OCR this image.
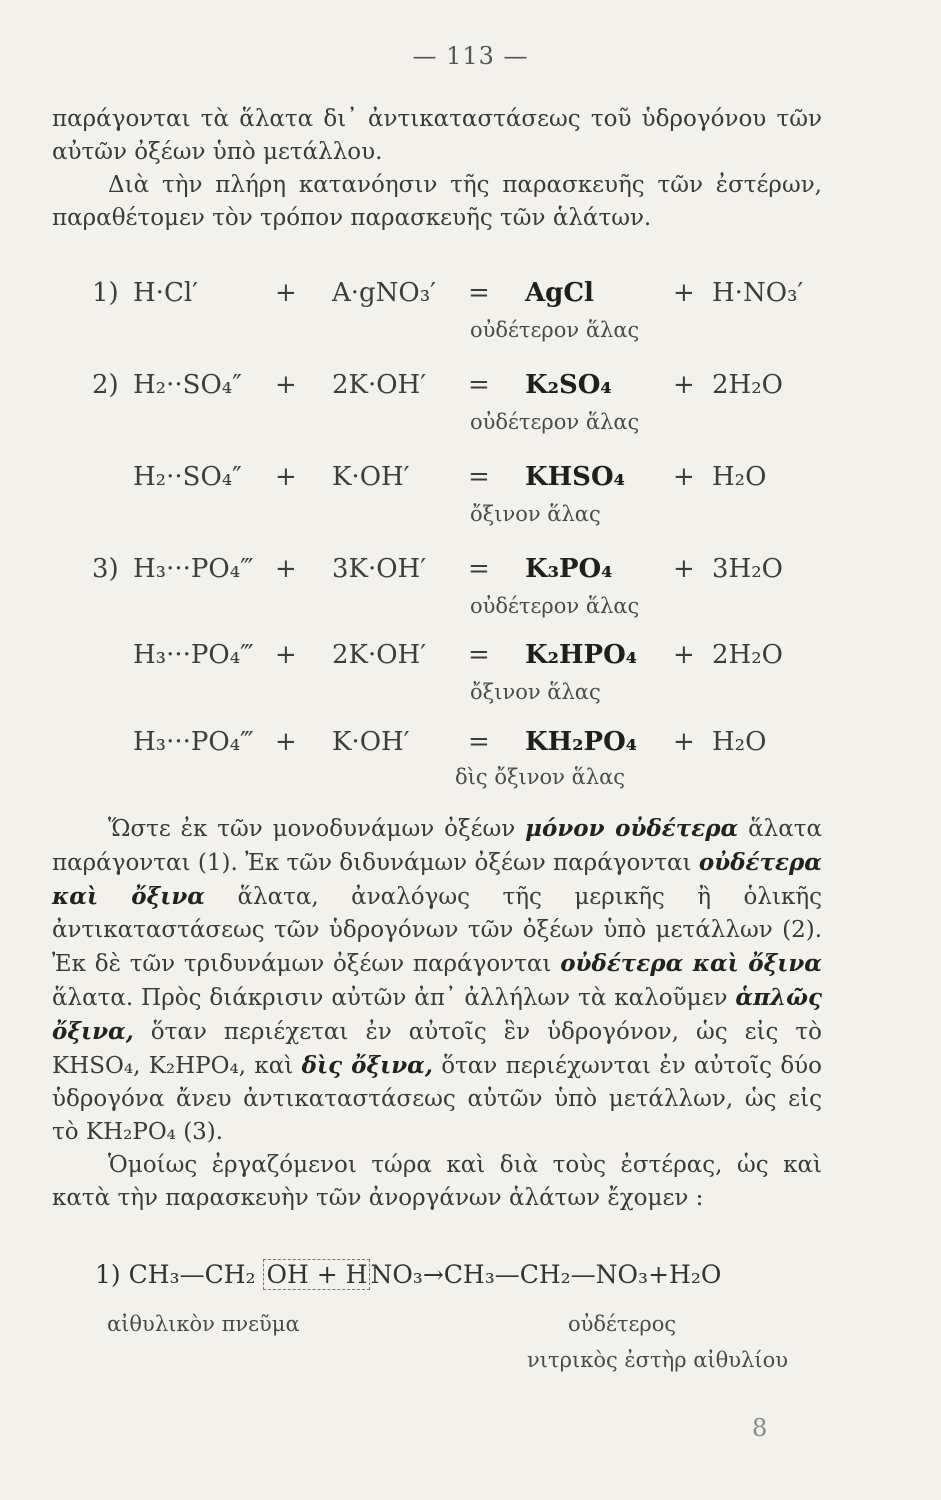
— 113 —

παράγονται τὰ ἅλατα δι᾽ ἀντικαταστάσεως τοῦ ὑδρογόνου τῶν αὐτῶν ὀξέων ὑπὸ μετάλλου.

Διὰ τὴν πλήρη κατανόησιν τῆς παρασκευῆς τῶν ἐστέρων, παραθέτομεν τὸν τρόπον παρασκευῆς τῶν ἁλάτων.

1) H·Cl′	+ A·gNO₃′ = AgCl	+ H·NO₃′
οὐδέτερον ἅλας
2) H₂··SO₄″ + 2K·OH′ = K₂SO₄ + 2H₂O
οὐδέτερον ἅλας
H₂··SO₄″ + K·OH′ = KHSO₄ + H₂O
ὄξινον ἅλας
3) H₃···PO₄‴ + 3K·OH′ = K₃PO₄ + 3H₂O
οὐδέτερον ἅλας
H₃···PO₄‴ + 2K·OH′ = K₂HPO₄ + 2H₂O
ὄξινον ἅλας
H₃···PO₄‴ + K·OH′ = KH₂PO₄ + H₂O
δὶς ὄξινον ἅλας

Ὥστε ἐκ τῶν μονοδυνάμων ὀξέων μόνον οὐδέτερα ἅλατα παράγονται (1). Ἐκ τῶν διδυνάμων ὀξέων παράγονται οὐδέτερα καὶ ὄξινα ἅλατα, ἀναλόγως τῆς μερικῆς ἢ ὁλικῆς ἀντικαταστάσεως τῶν ὑδρογόνων τῶν ὀξέων ὑπὸ μετάλλων (2). Ἐκ δὲ τῶν τριδυνάμων ὀξέων παράγονται οὐδέτερα καὶ ὄξινα ἅλατα. Πρὸς διάκρισιν αὐτῶν ἀπ᾽ ἀλλήλων τὰ καλοῦμεν ἁπλῶς ὄξινα, ὅταν περιέχεται ἐν αὐτοῖς ἓν ὑδρογόνον, ὡς εἰς τὸ KHSO₄, K₂HPO₄, καὶ δὶς ὄξινα, ὅταν περιέχωνται ἐν αὐτοῖς δύο ὑδρογόνα ἄνευ ἀντικαταστάσεως αὐτῶν ὑπὸ μετάλλων, ὡς εἰς τὸ KH₂PO₄ (3).

Ὁμοίως ἐργαζόμενοι τώρα καὶ διὰ τοὺς ἐστέρας, ὡς καὶ κατὰ τὴν παρασκευὴν τῶν ἀνοργάνων ἁλάτων ἔχομεν :

1) CH₃—CH₂ OH + H NO₃→CH₃—CH₂—NO₃+H₂O
αἰθυλικὸν πνεῦμα	οὐδέτερος
νιτρικὸς ἐστὴρ αἰθυλίου
8
